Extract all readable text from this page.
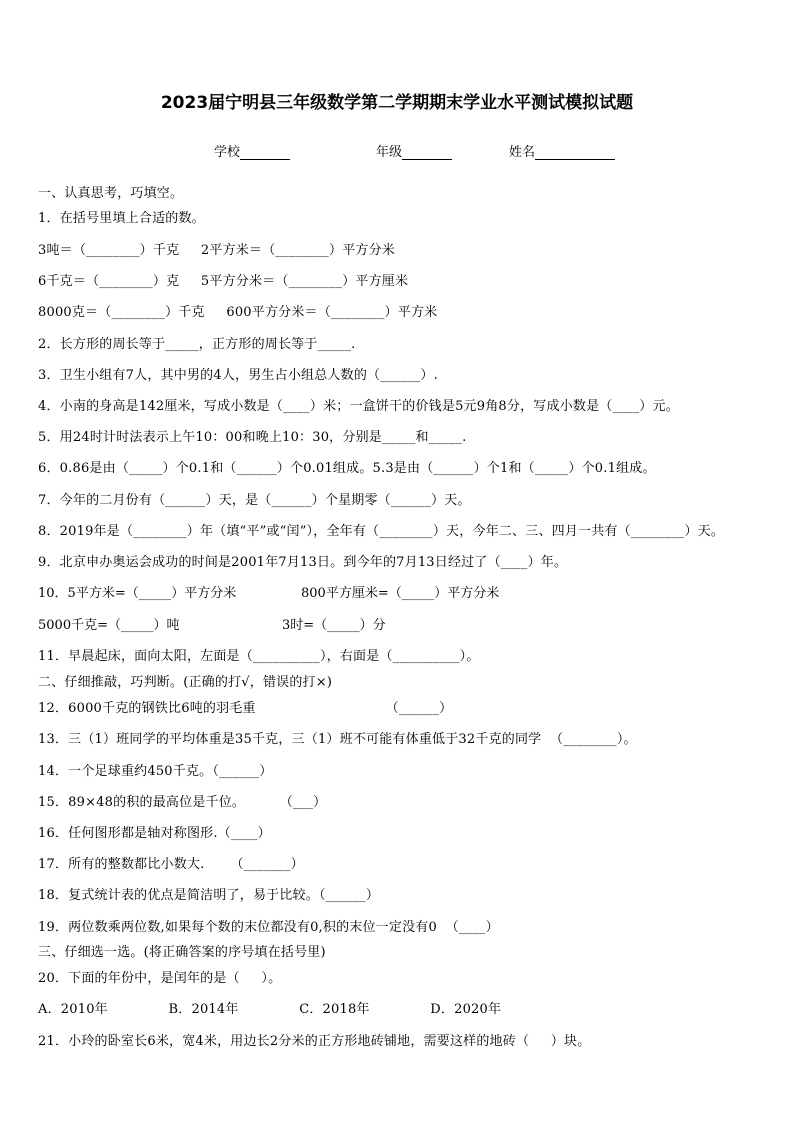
2023届宁明县三年级数学第二学期期末学业水平测试模拟试题
学校	年级	姓名
一、认真思考，巧填空。
1．在括号里填上合适的数。
3吨＝（________）千克     2平方米＝（________）平方分米
6千克＝（________）克     5平方分米＝（________）平方厘米
8000克＝（________）千克     600平方分米＝（________）平方米
2．长方形的周长等于_____，正方形的周长等于_____.
3．卫生小组有7人，其中男的4人，男生占小组总人数的（______）.
4．小南的身高是142厘米，写成小数是（____）米；一盒饼干的价钱是5元9角8分，写成小数是（____）元。
5．用24时计时法表示上午10：00和晚上10：30，分别是_____和_____.
6．0.86是由（_____）个0.1和（______）个0.01组成。5.3是由（______）个1和（_____）个0.1组成。
7．今年的二月份有（______）天，是（______）个星期零（______）天。
8．2019年是（________）年（填“平”或“闰”），全年有（________）天，今年二、三、四月一共有（________）天。
9．北京申办奥运会成功的时间是2001年7月13日。到今年的7月13日经过了（____）年。
10．5平方米=（_____）平方分米	800平方厘米=（_____）平方分米
5000千克=（_____）吨	3时=（_____）分
11．早晨起床，面向太阳，左面是（__________），右面是（__________）。
二、仔细推敲，巧判断。(正确的打√，错误的打×)
12．6000千克的钢铁比6吨的羽毛重                              （______）
13．三（1）班同学的平均体重是35千克，三（1）班不可能有体重低于32千克的同学  （________）。
14．一个足球重约450千克。（______）
15．89×48的积的最高位是千位。        （___）
16．任何图形都是轴对称图形.（____）
17．所有的整数都比小数大.      （_______）
18．复式统计表的优点是简洁明了，易于比较。（______）
19．两位数乘两位数,如果每个数的末位都没有0,积的末位一定没有0  （____）
三、仔细选一选。(将正确答案的序号填在括号里)
20．下面的年份中，是闰年的是（     ）。
A．2010年              B．2014年              C．2018年              D．2020年
21．小玲的卧室长6米，宽4米，用边长2分米的正方形地砖铺地，需要这样的地砖（     ）块。
